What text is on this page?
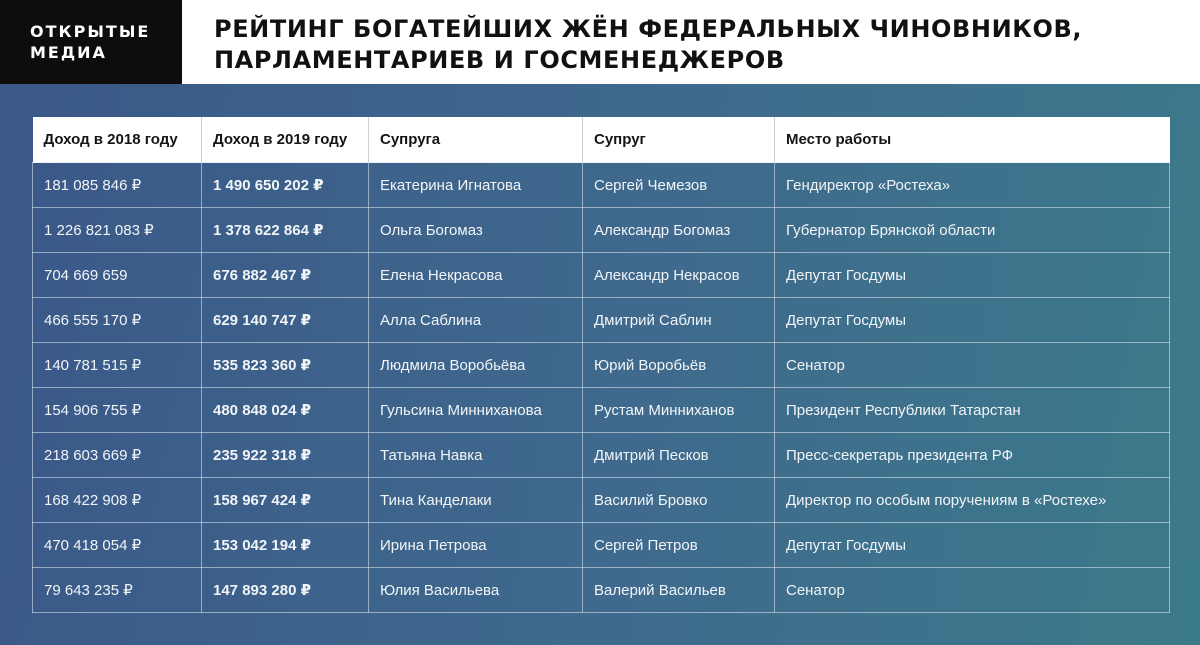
ОТКРЫТЫЕ
МЕДИА
РЕЙТИНГ БОГАТЕЙШИХ ЖЁН ФЕДЕРАЛЬНЫХ ЧИНОВНИКОВ,
ПАРЛАМЕНТАРИЕВ И ГОСМЕНЕДЖЕРОВ
Доход в 2018 году	Доход в 2019 году	Супруга	Супруг	Место работы
181 085 846 ₽	1 490 650 202 ₽	Екатерина Игнатова	Сергей Чемезов	Гендиректор «Ростеха»
1 226 821 083 ₽	1 378 622 864 ₽	Ольга Богомаз	Александр Богомаз	Губернатор Брянской области
704 669 659	676 882 467 ₽	Елена Некрасова	Александр Некрасов	Депутат Госдумы
466 555 170 ₽	629 140 747 ₽	Алла Саблина	Дмитрий Саблин	Депутат Госдумы
140 781 515 ₽	535 823 360 ₽	Людмила Воробьёва	Юрий Воробьёв	Сенатор
154 906 755 ₽	480 848 024 ₽	Гульсина Минниханова	Рустам Минниханов	Президент Республики Татарстан
218 603 669 ₽	235 922 318 ₽	Татьяна Навка	Дмитрий Песков	Пресс-секретарь президента РФ
168 422 908 ₽	158 967 424 ₽	Тина Канделаки	Василий Бровко	Директор по особым поручениям в «Ростехе»
470 418 054 ₽	153 042 194 ₽	Ирина Петрова	Сергей Петров	Депутат Госдумы
79 643 235 ₽	147 893 280 ₽	Юлия Васильева	Валерий Васильев	Сенатор
